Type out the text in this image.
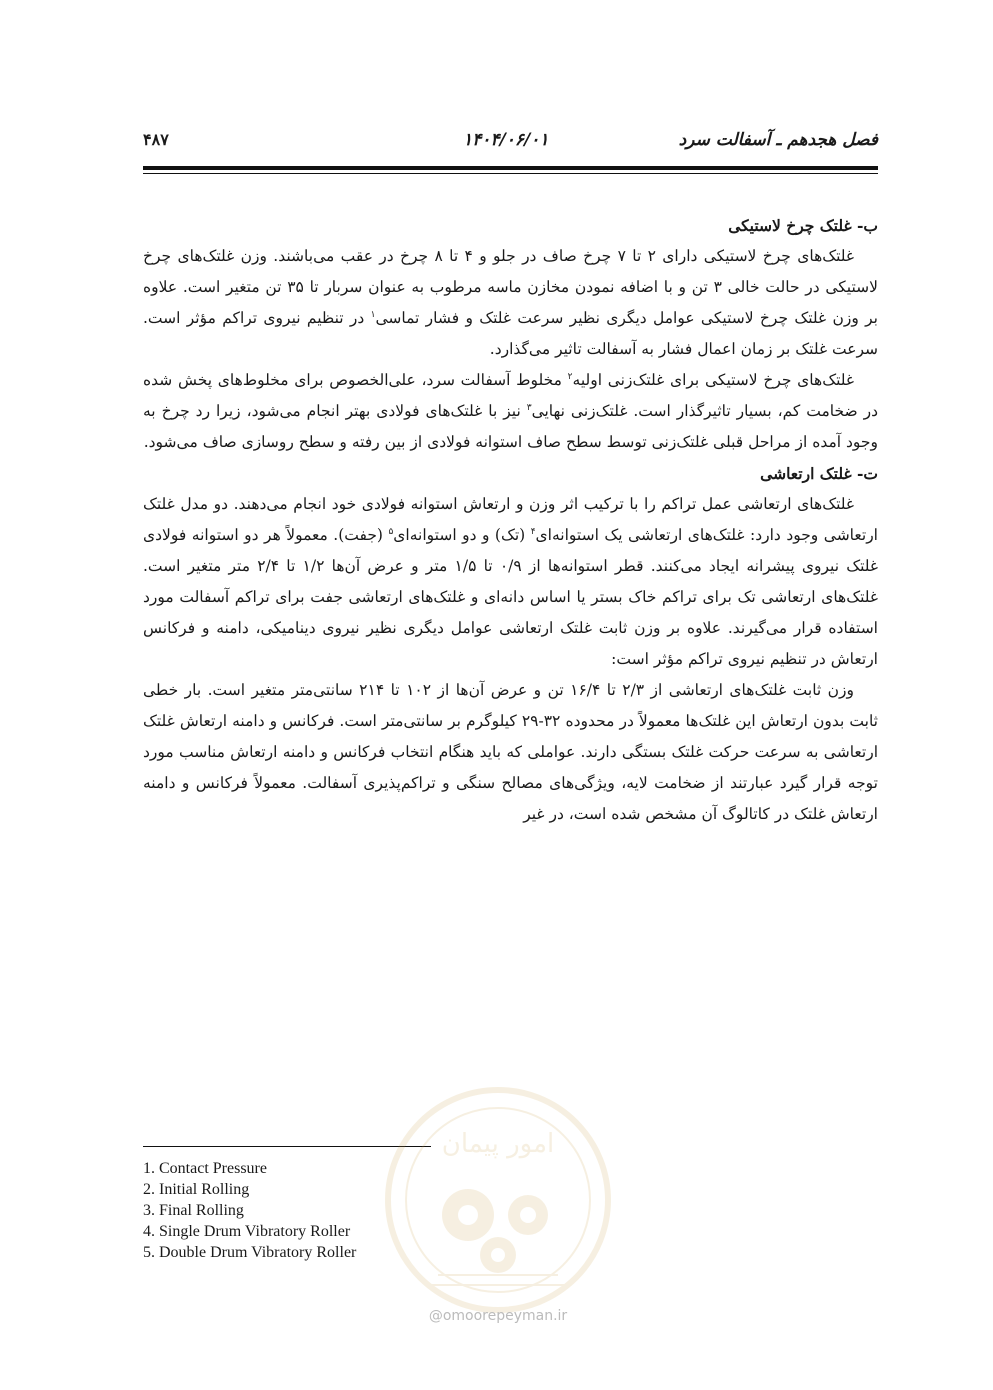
فصل هجدهم ـ آسفالت سرد
۱۴۰۴/۰۶/۰۱
۴۸۷
ب- غلتک چرخ لاستیکی

غلتک‌های چرخ لاستیکی دارای ۲ تا ۷ چرخ صاف در جلو و ۴ تا ۸ چرخ در عقب می‌باشند. وزن غلتک‌های چرخ لاستیکی در حالت خالی ۳ تن و با اضافه نمودن مخازن ماسه مرطوب به عنوان سربار تا ۳۵ تن متغیر است. علاوه بر وزن غلتک چرخ لاستیکی عوامل دیگری نظیر سرعت غلتک و فشار تماسی$^۱$ در تنظیم نیروی تراکم مؤثر است. سرعت غلتک بر زمان اعمال فشار به آسفالت تاثیر می‌گذارد.

غلتک‌های چرخ لاستیکی برای غلتک‌زنی اولیه$^۲$ مخلوط آسفالت سرد، علی‌الخصوص برای مخلوط‌های پخش شده در ضخامت کم، بسیار تاثیرگذار است. غلتک‌زنی نهایی$^۳$ نیز با غلتک‌های فولادی بهتر انجام می‌شود، زیرا رد چرخ به وجود آمده از مراحل قبلی غلتک‌زنی توسط سطح صاف استوانه فولادی از بین رفته و سطح روسازی صاف می‌شود.

ت- غلتک ارتعاشی

غلتک‌های ارتعاشی عمل تراکم را با ترکیب اثر وزن و ارتعاش استوانه فولادی خود انجام می‌دهند. دو مدل غلتک ارتعاشی وجود دارد: غلتک‌های ارتعاشی یک استوانه‌ای$^۴$ (تک) و دو استوانه‌ای$^۵$ (جفت). معمولاً هر دو استوانه فولادی غلتک نیروی پیشرانه ایجاد می‌کنند. قطر استوانه‌ها از ۰/۹ تا ۱/۵ متر و عرض آن‌ها ۱/۲ تا ۲/۴ متر متغیر است. غلتک‌های ارتعاشی تک برای تراکم خاک بستر یا اساس دانه‌ای و غلتک‌های ارتعاشی جفت برای تراکم آسفالت مورد استفاده قرار می‌گیرند. علاوه بر وزن ثابت غلتک ارتعاشی عوامل دیگری نظیر نیروی دینامیکی، دامنه و فرکانس ارتعاش در تنظیم نیروی تراکم مؤثر است:

وزن ثابت غلتک‌های ارتعاشی از ۲/۳ تا ۱۶/۴ تن و عرض آن‌ها از ۱۰۲ تا ۲۱۴ سانتی‌متر متغیر است. بار خطی ثابت بدون ارتعاش این غلتک‌ها معمولاً در محدوده ۳۲-۲۹ کیلوگرم بر سانتی‌متر است. فرکانس و دامنه ارتعاش غلتک ارتعاشی به سرعت حرکت غلتک بستگی دارند. عواملی که باید هنگام انتخاب فرکانس و دامنه ارتعاش مناسب مورد توجه قرار گیرد عبارتند از ضخامت لایه، ویژگی‌های مصالح سنگی و تراکم‌پذیری آسفالت. معمولاً فرکانس و دامنه ارتعاش غلتک در کاتالوگ آن مشخص شده است، در غیر

1. Contact Pressure
2. Initial Rolling
3. Final Rolling
4. Single Drum Vibratory Roller
5. Double Drum Vibratory Roller
امور پیمان
@omoorepeyman.ir
